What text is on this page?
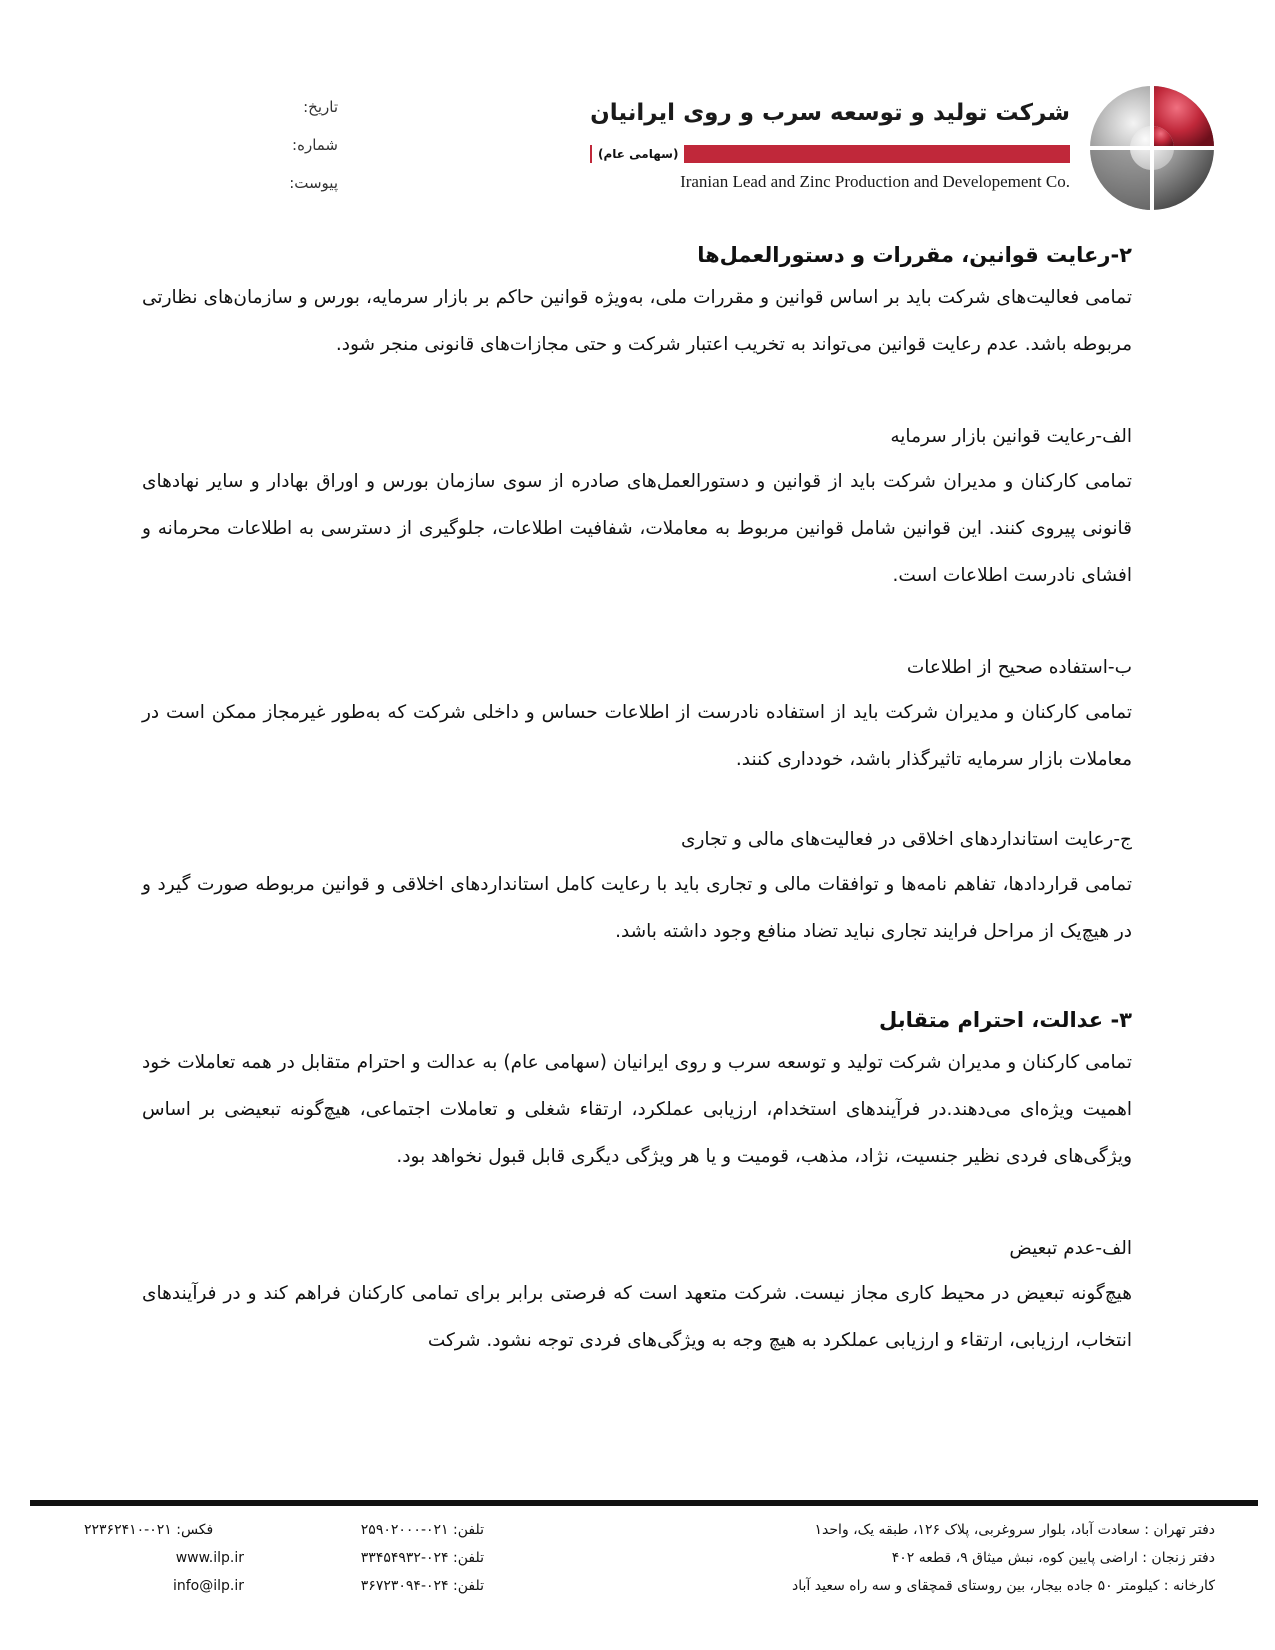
شرکت تولید و توسعه سرب و روی ایرانیان
(سهامی عام)
Iranian Lead and Zinc Production and Developement Co.
تاریخ:
شماره:
پیوست:
۲-رعایت قوانین، مقررات و دستورالعمل‌ها

تمامی فعالیت‌های شرکت باید بر اساس قوانین و مقررات ملی، به‌ویژه قوانین حاکم بر بازار سرمایه، بورس و سازمان‌های نظارتی مربوطه باشد. عدم رعایت قوانین می‌تواند به تخریب اعتبار شرکت و حتی مجازات‌های قانونی منجر شود.

الف-رعایت قوانین بازار سرمایه

تمامی کارکنان و مدیران شرکت باید از قوانین و دستورالعمل‌های صادره از سوی سازمان بورس و اوراق بهادار و سایر نهادهای قانونی پیروی کنند. این قوانین شامل قوانین مربوط به معاملات، شفافیت اطلاعات، جلوگیری از دسترسی به اطلاعات محرمانه و افشای نادرست اطلاعات است.

ب-استفاده صحیح از اطلاعات

تمامی کارکنان و مدیران شرکت باید از استفاده نادرست از اطلاعات حساس و داخلی شرکت که به‌طور غیرمجاز ممکن است در معاملات بازار سرمایه تاثیرگذار باشد، خودداری کنند.

ج-رعایت استانداردهای اخلاقی در فعالیت‌های مالی و تجاری

تمامی قراردادها، تفاهم نامه‌ها و توافقات مالی و تجاری باید با رعایت کامل استانداردهای اخلاقی و قوانین مربوطه صورت گیرد و در هیچ‌یک از مراحل فرایند تجاری نباید تضاد منافع وجود داشته باشد.

۳- عدالت، احترام متقابل

تمامی کارکنان و مدیران شرکت تولید و توسعه سرب و روی ایرانیان (سهامی عام) به عدالت و احترام متقابل در همه تعاملات خود اهمیت ویژه‌ای می‌دهند.در فرآیندهای استخدام، ارزیابی عملکرد، ارتقاء شغلی و تعاملات اجتماعی، هیچ‌گونه تبعیضی بر اساس ویژگی‌های فردی نظیر جنسیت، نژاد، مذهب، قومیت و یا هر ویژگی دیگری قابل قبول نخواهد بود.

الف-عدم تبعیض

هیچ‌گونه تبعیض در محیط کاری مجاز نیست. شرکت متعهد است که فرصتی برابر برای تمامی کارکنان فراهم کند و در فرآیندهای انتخاب، ارزیابی، ارتقاء و ارزیابی عملکرد به هیچ وجه به ویژگی‌های فردی توجه نشود. شرکت

دفتر تهران : سعادت آباد، بلوار سروغربی، پلاک ۱۲۶، طبقه یک، واحد۱
دفتر زنجان : اراضی پایین کوه، نبش میثاق ۹، قطعه ۴۰۲
کارخانه : کیلومتر ۵۰ جاده بیجار، بین روستای قمچقای و سه راه سعید آباد
تلفن: ۰۲۱-۲۵۹۰۲۰۰۰
فکس: ۰۲۱-۲۲۳۶۲۴۱۰
تلفن: ۰۲۴-۳۳۴۵۴۹۳۲
www.ilp.ir
تلفن: ۰۲۴-۳۶۷۲۳۰۹۴
info@ilp.ir
